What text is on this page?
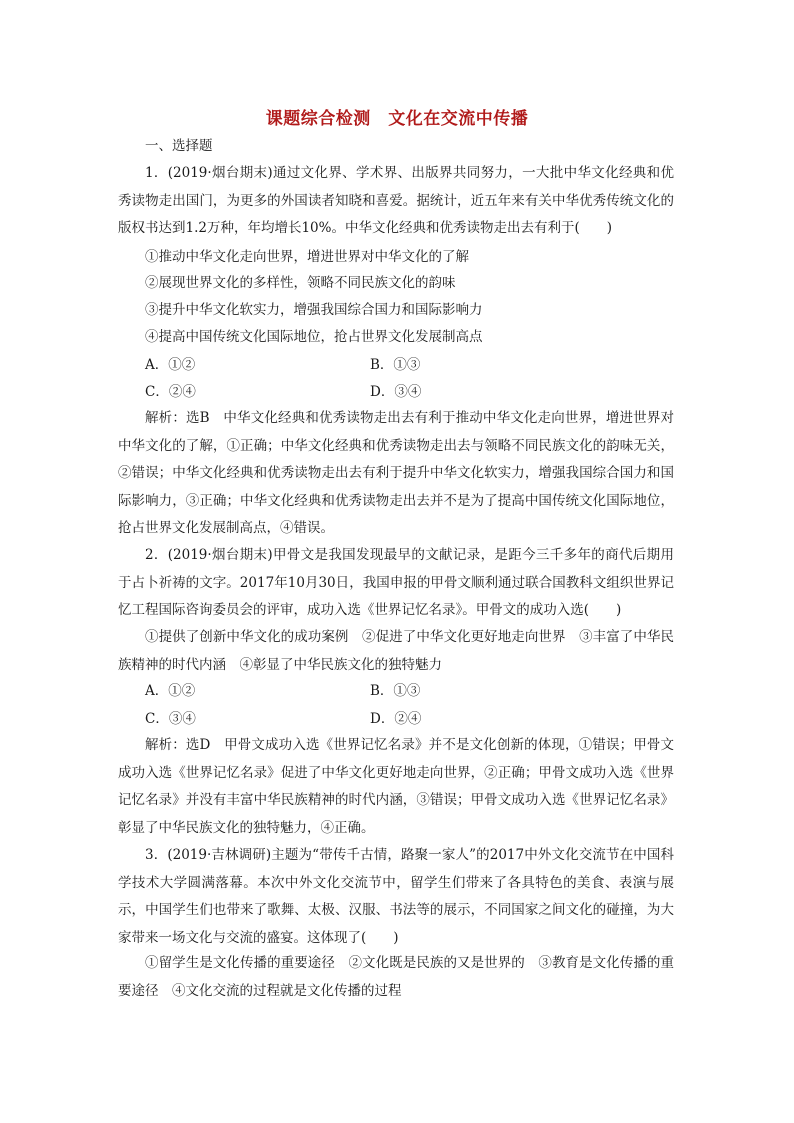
课题综合检测　文化在交流中传播
一、选择题

1．(2019·烟台期末)通过文化界、学术界、出版界共同努力，一大批中华文化经典和优秀读物走出国门，为更多的外国读者知晓和喜爱。据统计，近五年来有关中华优秀传统文化的版权书达到1.2万种，年均增长10%。中华文化经典和优秀读物走出去有利于(　　)

①推动中华文化走向世界，增进世界对中华文化的了解
②展现世界文化的多样性，领略不同民族文化的韵味
③提升中华文化软实力，增强我国综合国力和国际影响力
④提高中国传统文化国际地位，抢占世界文化发展制高点
A．①②	B．①③
C．②④	D．③④

解析：选B　中华文化经典和优秀读物走出去有利于推动中华文化走向世界，增进世界对中华文化的了解，①正确；中华文化经典和优秀读物走出去与领略不同民族文化的韵味无关，②错误；中华文化经典和优秀读物走出去有利于提升中华文化软实力，增强我国综合国力和国际影响力，③正确；中华文化经典和优秀读物走出去并不是为了提高中国传统文化国际地位，抢占世界文化发展制高点，④错误。

2．(2019·烟台期末)甲骨文是我国发现最早的文献记录，是距今三千多年的商代后期用于占卜祈祷的文字。2017年10月30日，我国申报的甲骨文顺利通过联合国教科文组织世界记忆工程国际咨询委员会的评审，成功入选《世界记忆名录》。甲骨文的成功入选(　　)

①提供了创新中华文化的成功案例　②促进了中华文化更好地走向世界　③丰富了中华民族精神的时代内涵　④彰显了中华民族文化的独特魅力

A．①②	B．①③
C．③④	D．②④

解析：选D　甲骨文成功入选《世界记忆名录》并不是文化创新的体现，①错误；甲骨文成功入选《世界记忆名录》促进了中华文化更好地走向世界，②正确；甲骨文成功入选《世界记忆名录》并没有丰富中华民族精神的时代内涵，③错误；甲骨文成功入选《世界记忆名录》彰显了中华民族文化的独特魅力，④正确。

3．(2019·吉林调研)主题为“带传千古情，路聚一家人”的2017中外文化交流节在中国科学技术大学圆满落幕。本次中外文化交流节中，留学生们带来了各具特色的美食、表演与展示，中国学生们也带来了歌舞、太极、汉服、书法等的展示，不同国家之间文化的碰撞，为大家带来一场文化与交流的盛宴。这体现了(　　)

①留学生是文化传播的重要途径　②文化既是民族的又是世界的　③教育是文化传播的重要途径　④文化交流的过程就是文化传播的过程
